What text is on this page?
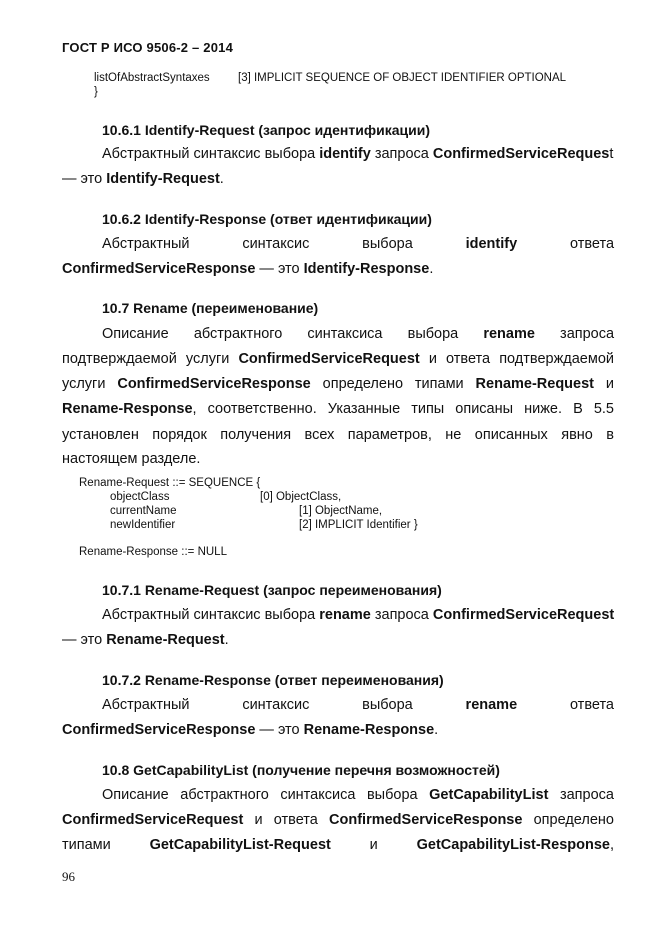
ГОСТ Р ИСО 9506-2 – 2014
listOfAbstractSyntaxes [3] IMPLICIT SEQUENCE OF OBJECT IDENTIFIER OPTIONAL
}
10.6.1 Identify-Request (запрос идентификации)
Абстрактный синтаксис выбора identify запроса ConfirmedServiceRequest
— это Identify-Request.
10.6.2 Identify-Response (ответ идентификации)
Абстрактный	синтаксис	выбора	identify	ответа
ConfirmedServiceResponse — это Identify-Response.
10.7 Rename (переименование)
Описание абстрактного синтаксиса выбора rename запроса
подтверждаемой услуги ConfirmedServiceRequest и ответа подтверждаемой
услуги ConfirmedServiceResponse определено типами Rename-Request и
Rename-Response, соответственно. Указанные типы описаны ниже. В 5.5
установлен порядок получения всех параметров, не описанных явно в
настоящем разделе.
Rename-Request ::= SEQUENCE {
objectClass	[0] ObjectClass,
currentName	[1] ObjectName,
newIdentifier	[2] IMPLICIT Identifier }
Rename-Response ::= NULL
10.7.1 Rename-Request (запрос переименования)
Абстрактный синтаксис выбора rename запроса ConfirmedServiceRequest
— это Rename-Request.
10.7.2 Rename-Response (ответ переименования)
Абстрактный	синтаксис	выбора	rename	ответа
ConfirmedServiceResponse — это Rename-Response.
10.8 GetCapabilityList (получение перечня возможностей)
Описание абстрактного синтаксиса выбора GetCapabilityList запроса
ConfirmedServiceRequest и ответа ConfirmedServiceResponse определено
типами	GetCapabilityList-Request	и	GetCapabilityList-Response,
96
